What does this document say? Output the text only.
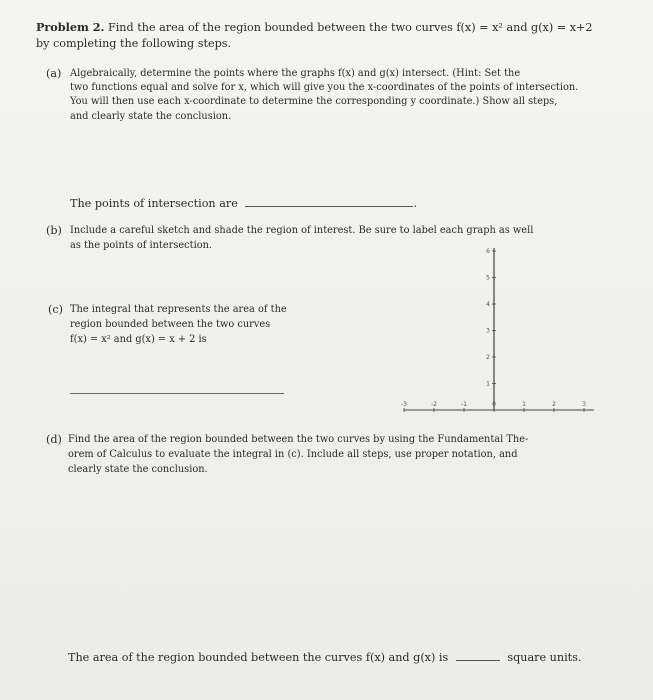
Problem 2. Find the area of the region bounded between the two curves f(x) = x² and g(x) = x+2

by completing the following steps.

(a) Algebraically, determine the points where the graphs f(x) and g(x) intersect. (Hint: Set the

two functions equal and solve for x, which will give you the x-coordinates of the points of intersection.

You will then use each x-coordinate to determine the corresponding y coordinate.) Show all steps,

and clearly state the conclusion.

The points of intersection are	.

(b) Include a careful sketch and shade the region of interest. Be sure to label each graph as well

as the points of intersection.

(c) The integral that represents the area of the

region bounded between the two curves

f(x) = x² and g(x) = x + 2 is

-3	-2	-1	0	1	2	3
1
2
3
4
5
6

(d) Find the area of the region bounded between the two curves by using the Fundamental The-

orem of Calculus to evaluate the integral in (c). Include all steps, use proper notation, and

clearly state the conclusion.

The area of the region bounded between the curves f(x) and g(x) is	square units.
